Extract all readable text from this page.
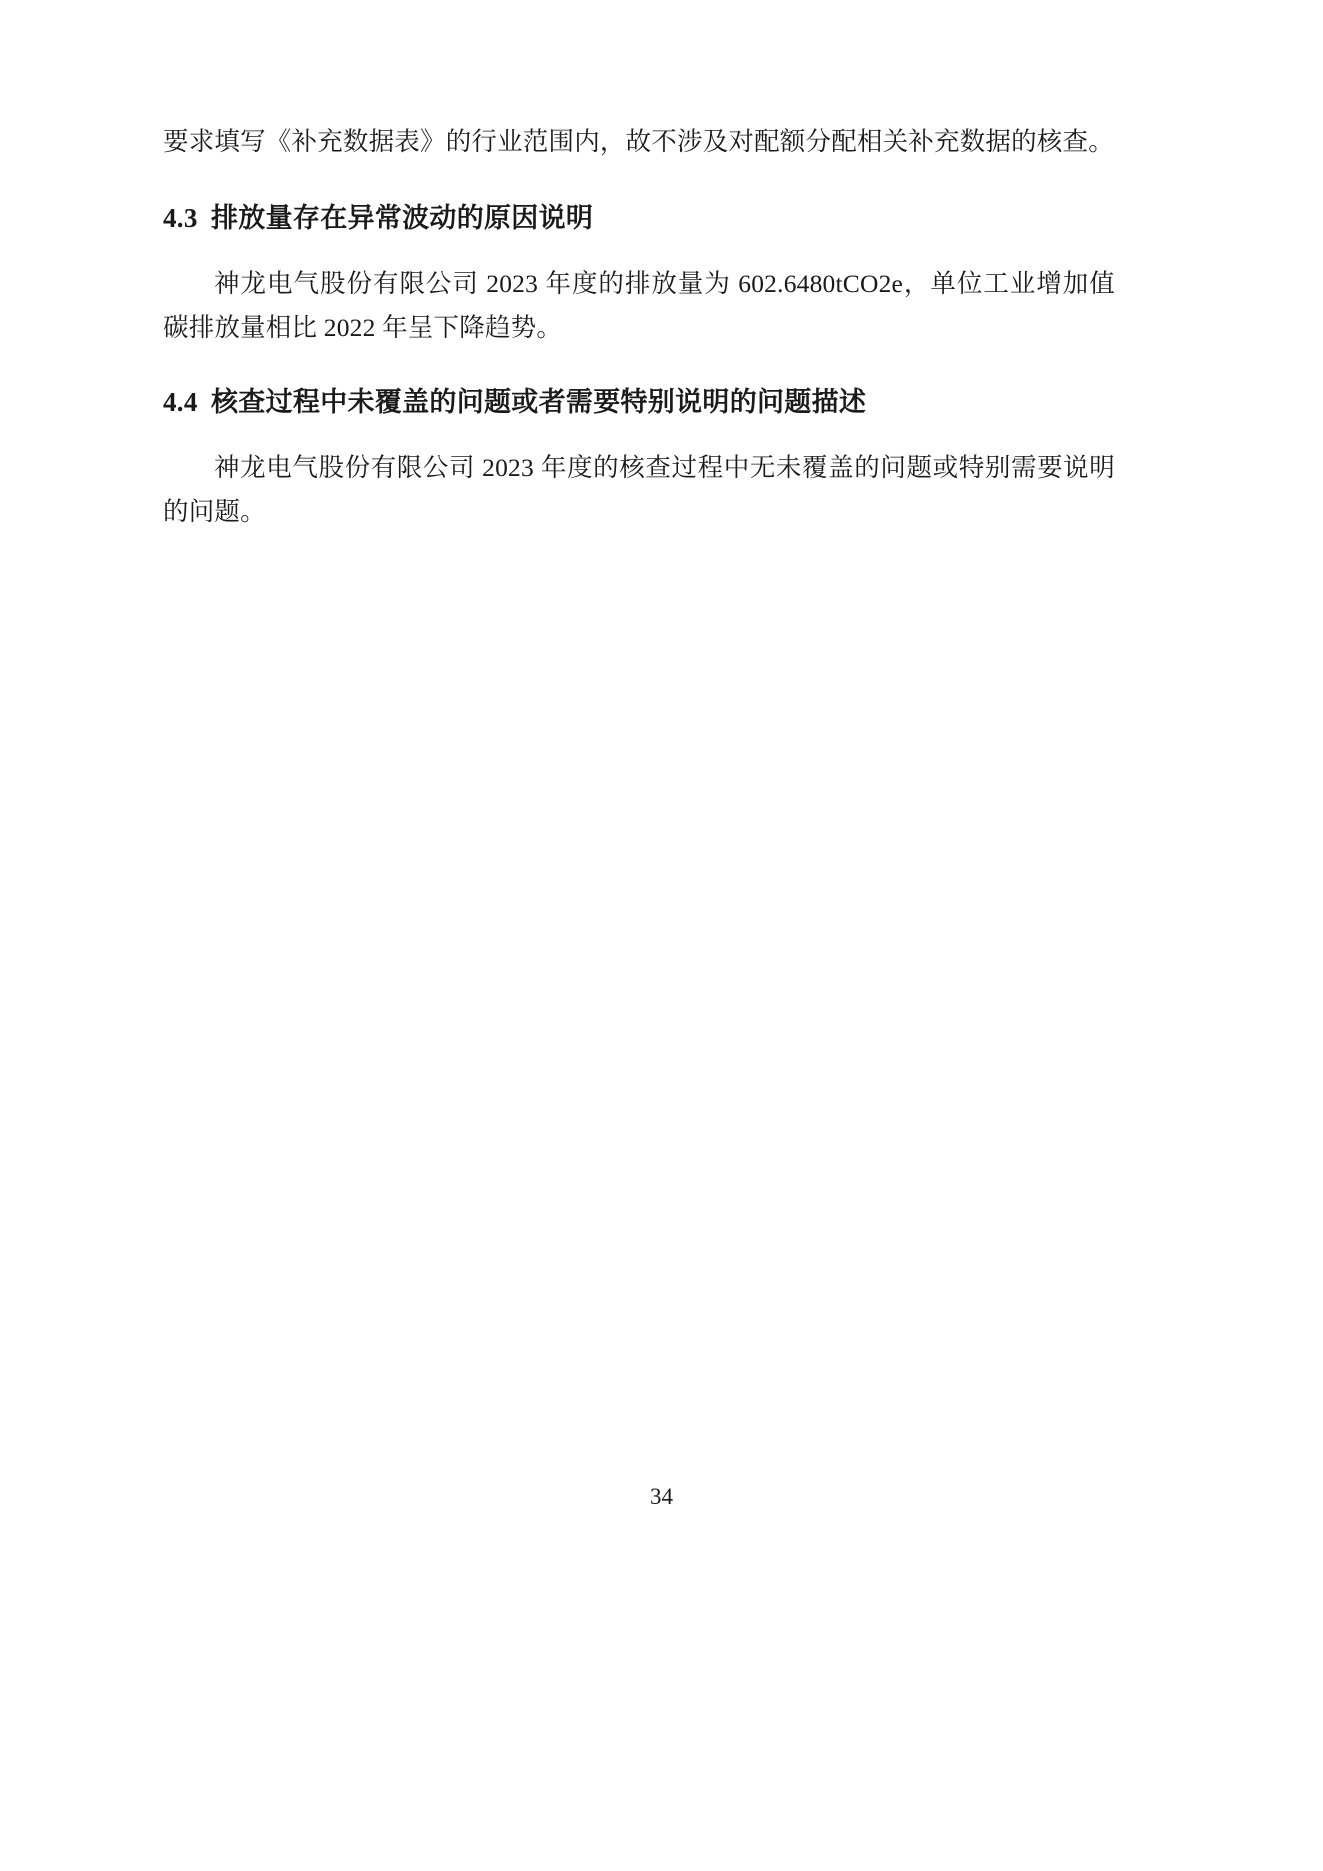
要求填写《补充数据表》的行业范围内，故不涉及对配额分配相关补充数据的核查。

4.3 排放量存在异常波动的原因说明

神龙电气股份有限公司 2023 年度的排放量为 602.6480tCO2e，单位工业增加值碳排放量相比 2022 年呈下降趋势。

4.4 核查过程中未覆盖的问题或者需要特别说明的问题描述

神龙电气股份有限公司 2023 年度的核查过程中无未覆盖的问题或特别需要说明的问题。

34
